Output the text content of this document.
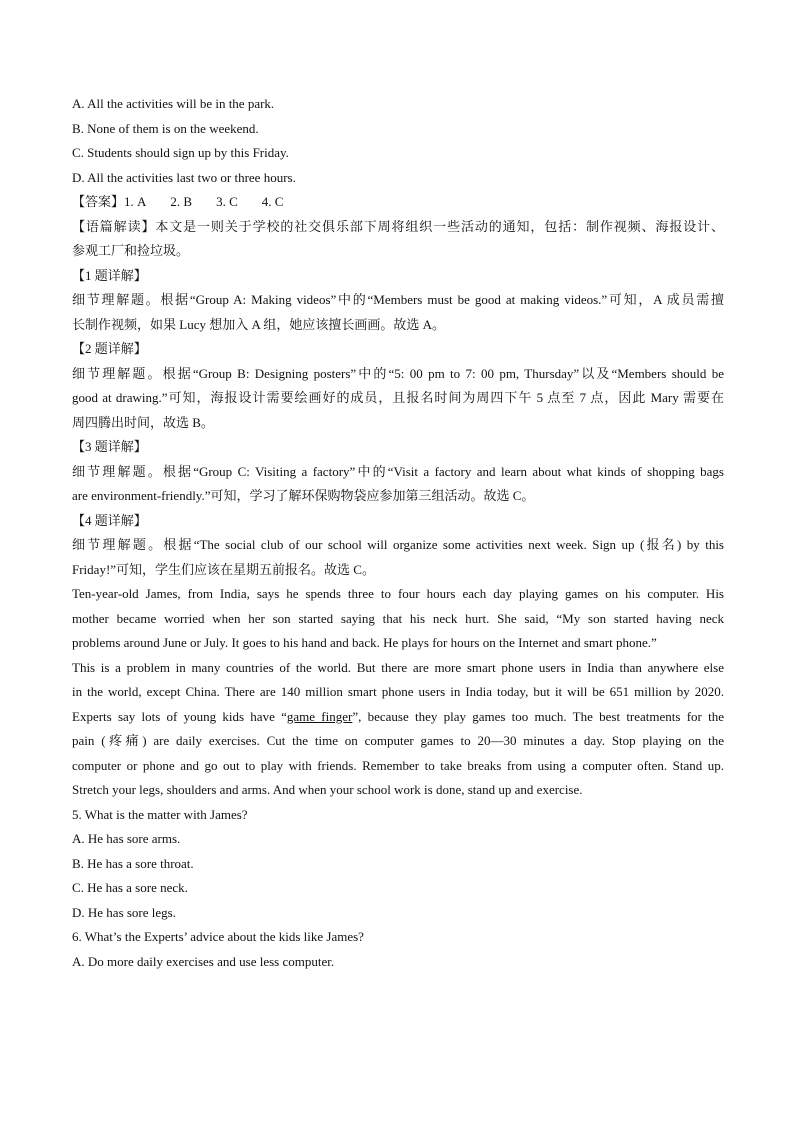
A. All the activities will be in the park.
B. None of them is on the weekend.
C. Students should sign up by this Friday.
D. All the activities last two or three hours.
【答案】1. A 2. B 3. C 4. C
【语篇解读】本文是一则关于学校的社交俱乐部下周将组织一些活动的通知，包括：制作视频、海报设计、
参观工厂和捡垃圾。
【1 题详解】
细节理解题。根据“Group A: Making videos”中的“Members must be good at making videos.”可知，A 成员需擅
长制作视频，如果 Lucy 想加入 A 组，她应该擅长画画。故选 A。
【2 题详解】
细节理解题。根据“Group B: Designing posters”中的“5: 00 pm to 7: 00 pm, Thursday”以及“Members should be
good at drawing.”可知，海报设计需要绘画好的成员，且报名时间为周四下午 5 点至 7 点，因此 Mary 需要在
周四腾出时间，故选 B。
【3 题详解】
细节理解题。根据“Group C: Visiting a factory”中的“Visit a factory and learn about what kinds of shopping bags
are environment-friendly.”可知，学习了解环保购物袋应参加第三组活动。故选 C。
【4 题详解】
细节理解题。根据“The social club of our school will organize some activities next week. Sign up (报名) by this
Friday!”可知，学生们应该在星期五前报名。故选 C。
Ten-year-old James, from India, says he spends three to four hours each day playing games on his computer. His
mother became worried when her son started saying that his neck hurt. She said, “My son started having neck
problems around June or July. It goes to his hand and back. He plays for hours on the Internet and smart phone.”
This is a problem in many countries of the world. But there are more smart phone users in India than anywhere else
in the world, except China. There are 140 million smart phone users in India today, but it will be 651 million by 2020.
Experts say lots of young kids have “game finger”, because they play games too much. The best treatments for the
pain (疼痛) are daily exercises. Cut the time on computer games to 20—30 minutes a day. Stop playing on the
computer or phone and go out to play with friends. Remember to take breaks from using a computer often. Stand up.
Stretch your legs, shoulders and arms. And when your school work is done, stand up and exercise.
5. What is the matter with James?
A. He has sore arms.
B. He has a sore throat.
C. He has a sore neck.
D. He has sore legs.
6. What’s the Experts’ advice about the kids like James?
A. Do more daily exercises and use less computer.
